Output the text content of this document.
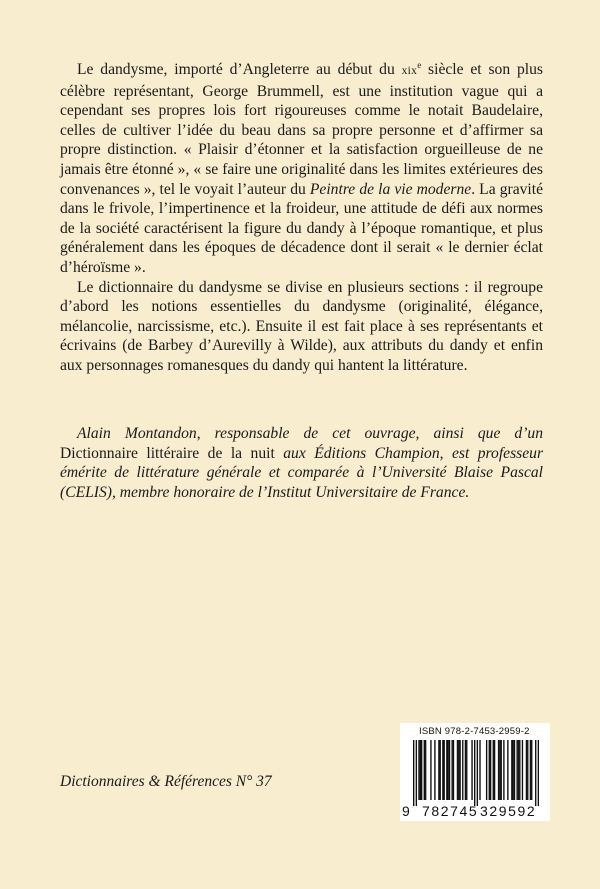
Le dandysme, importé d’Angleterre au début du xix$^e$ siècle et son plus célèbre représentant, George Brummell, est une institution vague qui a cependant ses propres lois fort rigoureuses comme le notait Baudelaire, celles de cultiver l’idée du beau dans sa propre personne et d’affirmer sa propre distinction. « Plaisir d’étonner et la satisfaction orgueilleuse de ne jamais être étonné », « se faire une originalité dans les limites extérieures des convenances », tel le voyait l’auteur du Peintre de la vie moderne. La gravité dans le frivole, l’impertinence et la froideur, une attitude de défi aux normes de la société caractérisent la figure du dandy à l’époque romantique, et plus généralement dans les époques de décadence dont il serait « le dernier éclat d’héroïsme ».

Le dictionnaire du dandysme se divise en plusieurs sections : il regroupe d’abord les notions essentielles du dandysme (originalité, élégance, mélancolie, narcissisme, etc.). Ensuite il est fait place à ses représentants et écrivains (de Barbey d’Aurevilly à Wilde), aux attributs du dandy et enfin aux personnages romanesques du dandy qui hantent la littérature.

Alain Montandon, responsable de cet ouvrage, ainsi que d’un Dictionnaire littéraire de la nuit aux Éditions Champion, est professeur émérite de littérature générale et comparée à l’Université Blaise Pascal (CELIS), membre honoraire de l’Institut Universitaire de France.

Dictionnaires & Références N° 37
ISBN 978-2-7453-2959-2
9 782745 329592
